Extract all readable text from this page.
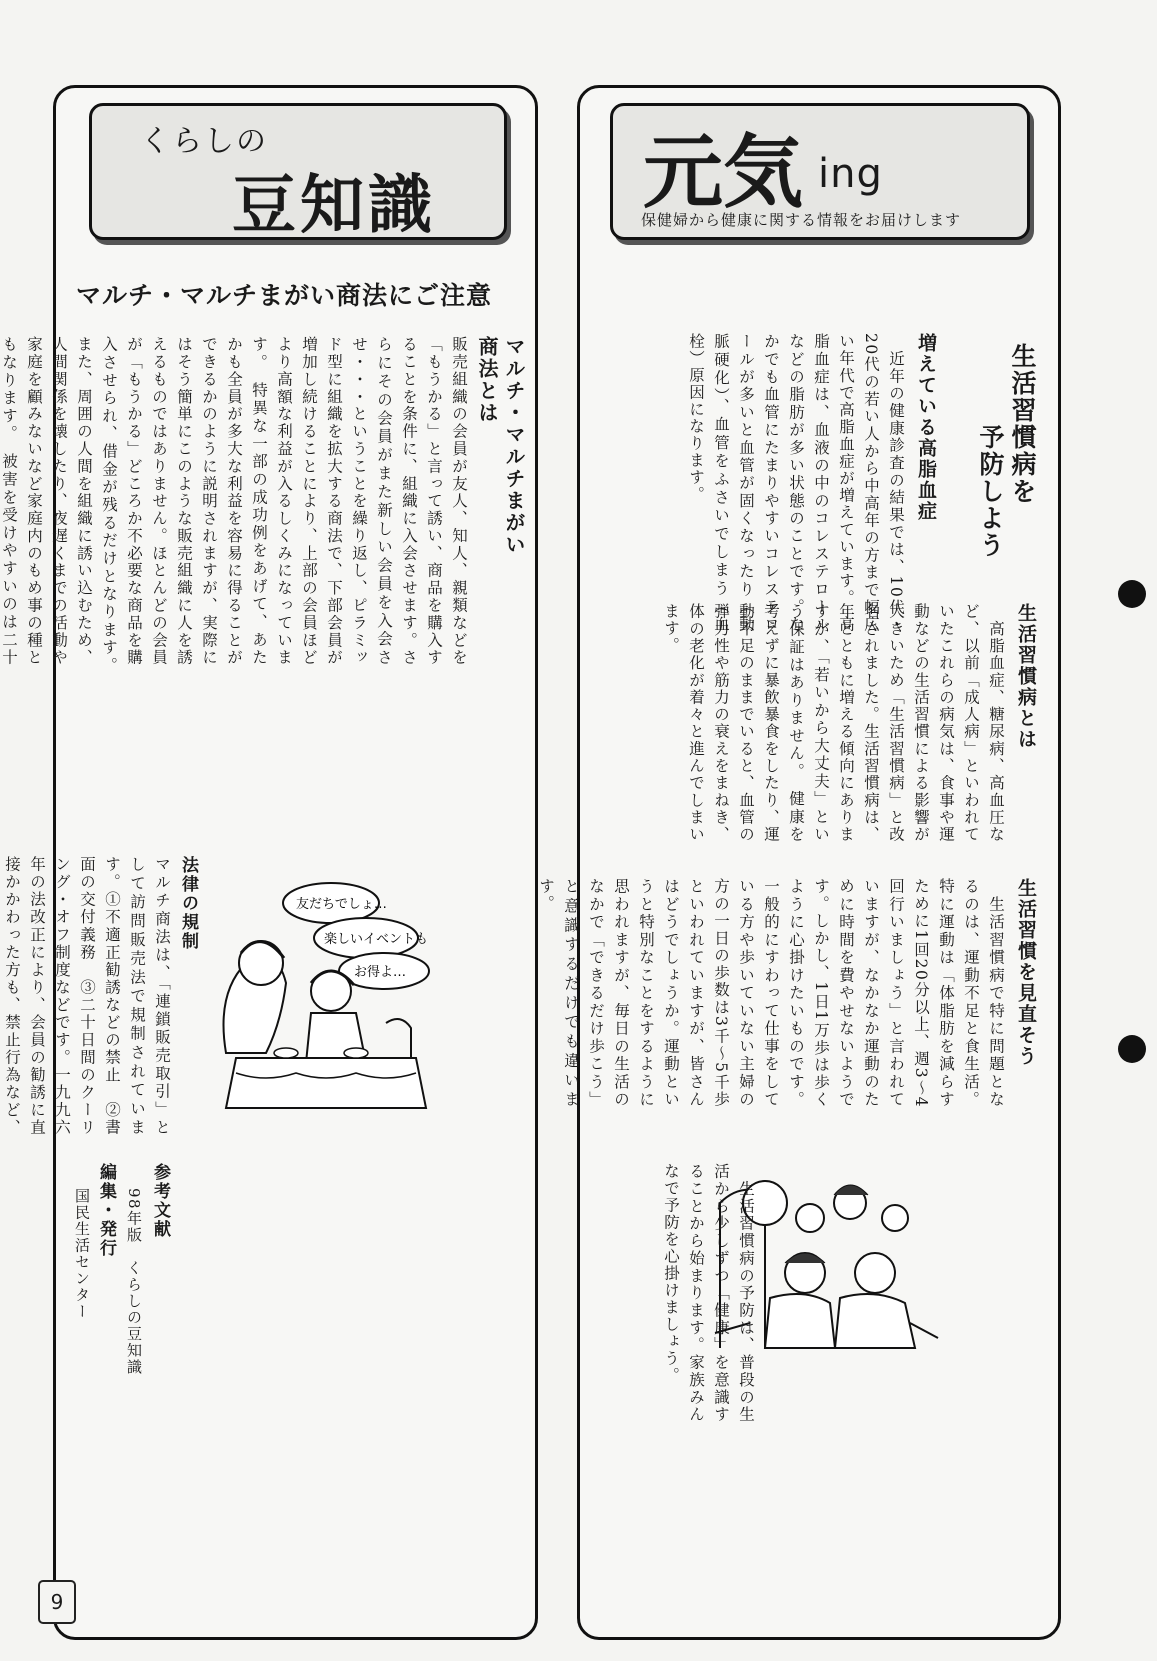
くらしの
豆知識
マルチ・マルチまがい商法にご注意
マルチ・マルチまがい
商法とは
販売組織の会員が友人、知人、親類などを「もうかる」と言って誘い、商品を購入することを条件に、組織に入会させます。さらにその会員がまた新しい会員を入会させ・・・ということを繰り返し、ピラミッド型に組織を拡大する商法で、下部会員が増加し続けることにより、上部の会員ほどより高額な利益が入るしくみになっています。　特異な一部の成功例をあげて、あたかも全員が多大な利益を容易に得ることができるかのように説明されますが、実際にはそう簡単にこのような販売組織に人を誘えるものではありません。ほとんどの会員が「もうかる」どころか不必要な商品を購入させられ、借金が残るだけとなります。　また、周囲の人間を組織に誘い込むため、人間関係を壊したり、夜遅くまでの活動や家庭を顧みないなど家庭内のもめ事の種ともなります。　被害を受けやすいのは二十
法律の規制
マルチ商法は、「連鎖販売取引」として訪問販売法で規制されています。①不適正勧誘などの禁止　②書面の交付義務　③二十日間のクーリング・オフ制度などです。一九九六年の法改正により、会員の勧誘に直接かかわった方も、禁止行為など、　
友だちでしょ…
楽しいイベントも
お得よ…
参考文献
98年版　くらしの豆知識
編集・発行
国民生活センター
元気 ing
保健婦から健康に関する情報をお届けします
生活習慣病を
　　　予防しよう
増えている高脂血症
　近年の健康診査の結果では、10代・20代の若い人から中高年の方まで幅広い年代で高脂血症が増えています。　高脂血症は、血液の中のコレステロールなどの脂肪が多い状態のことです。なかでも血管にたまりやすいコレステロールが多いと血管が固くなったり（動脈硬化）、血管をふさいでしまう（血栓）原因になります。
生活習慣病とは
　高脂血症、糖尿病、高血圧など、以前「成人病」といわれていたこれらの病気は、食事や運動などの生活習慣による影響が大きいため「生活習慣病」と改名されました。生活習慣病は、年とともに増える傾向にありますが、「若いから大丈夫」という保証はありません。　健康を考えずに暴飲暴食をしたり、運動不足のままでいると、血管の弾力性や筋力の衰えをまねき、体の老化が着々と進んでしまいます。
生活習慣を見直そう
　生活習慣病で特に問題となるのは、運動不足と食生活。特に運動は「体脂肪を減らすために1回20分以上、週3〜4回行いましょう」と言われていますが、なかなか運動のために時間を費やせないようです。しかし、1日1万歩は歩くように心掛けたいものです。一般的にすわって仕事をしている方や歩いていない主婦の方の一日の歩数は3千〜5千歩といわれていますが、皆さんはどうでしょうか。運動というと特別なことをするように思われますが、毎日の生活のなかで「できるだけ歩こう」と意識するだけでも違います。
　生活習慣病の予防は、普段の生活から少しずつ「健康」を意識することから始まります。家族みんなで予防を心掛けましょう。
9
